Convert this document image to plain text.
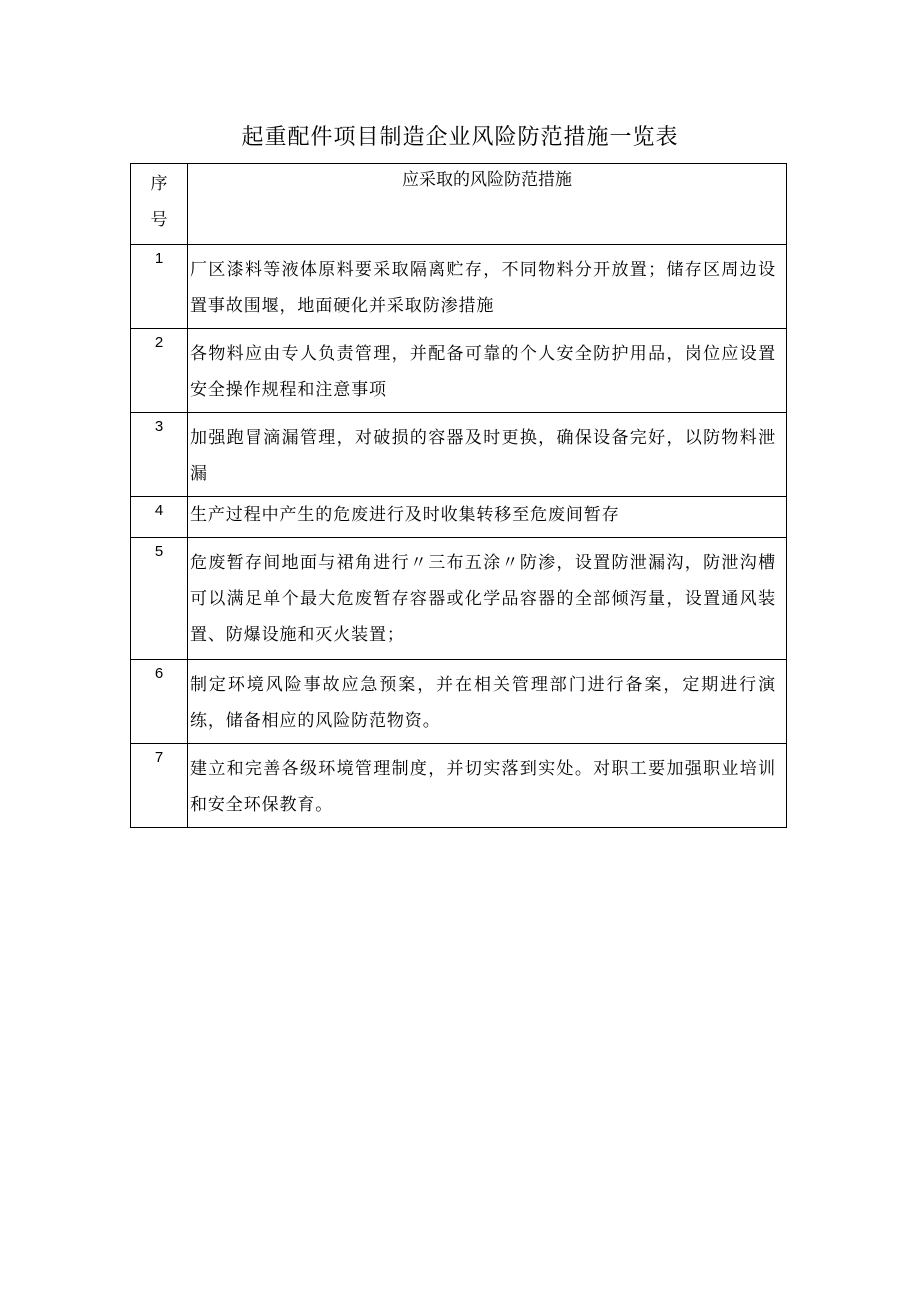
起重配件项目制造企业风险防范措施一览表
序
号	应采取的风险防范措施
1	厂区漆料等液体原料要采取隔离贮存，不同物料分开放置；储存区周边设置事故围堰，地面硬化并采取防渗措施
2	各物料应由专人负责管理，并配备可靠的个人安全防护用品，岗位应设置安全操作规程和注意事项
3	加强跑冒滴漏管理，对破损的容器及时更换，确保设备完好，以防物料泄漏
4	生产过程中产生的危废进行及时收集转移至危废间暂存
5	危废暂存间地面与裙角进行〃三布五涂〃防渗，设置防泄漏沟，防泄沟槽可以满足单个最大危废暂存容器或化学品容器的全部倾泻量，设置通风装置、防爆设施和灭火装置；
6	制定环境风险事故应急预案，并在相关管理部门进行备案，定期进行演练，储备相应的风险防范物资。
7	建立和完善各级环境管理制度，并切实落到实处。对职工要加强职业培训和安全环保教育。
